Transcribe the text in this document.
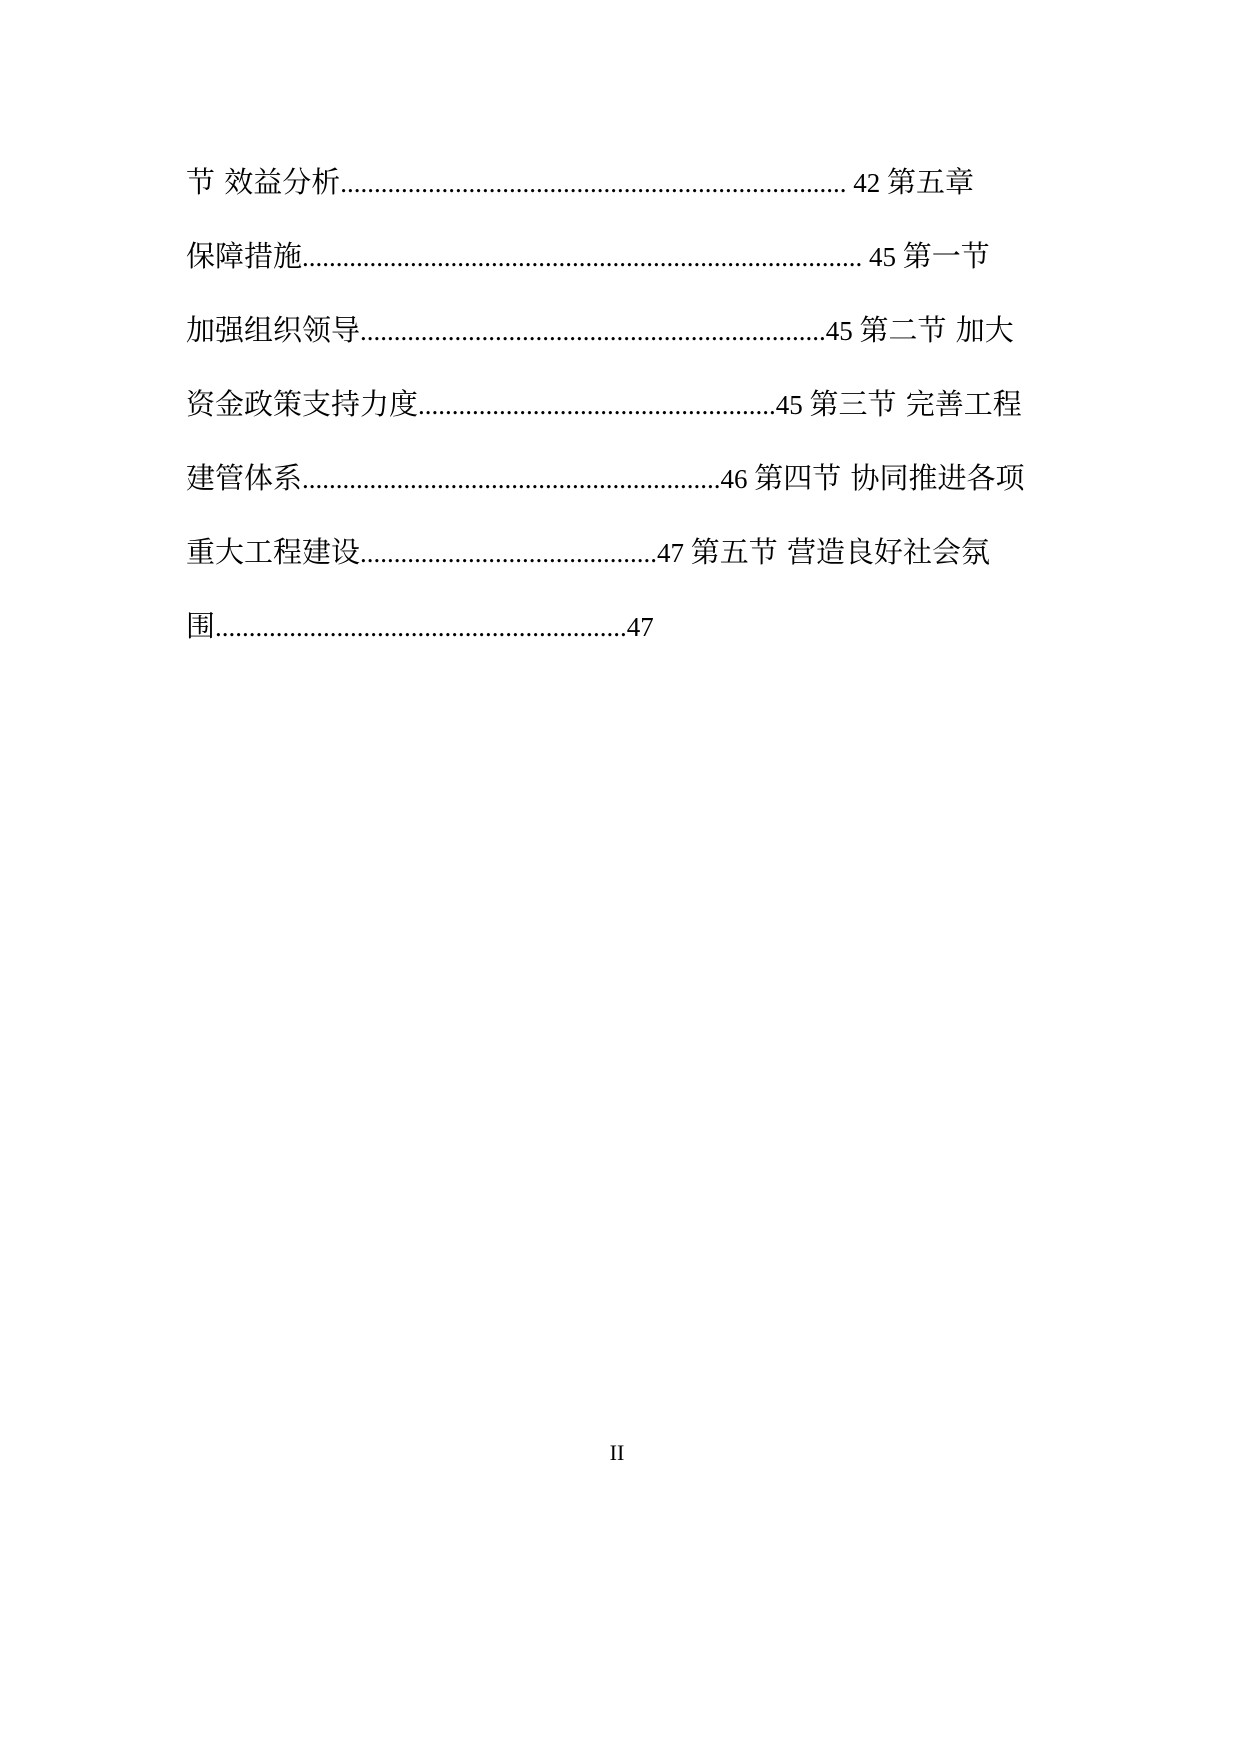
节 效益分析........................................................................... 42 第五章
保障措施................................................................................... 45 第一节
加强组织领导.....................................................................45 第二节 加大
资金政策支持力度.....................................................45 第三节 完善工程
建管体系..............................................................46 第四节 协同推进各项
重大工程建设............................................47 第五节 营造良好社会氛
围.............................................................47
II
